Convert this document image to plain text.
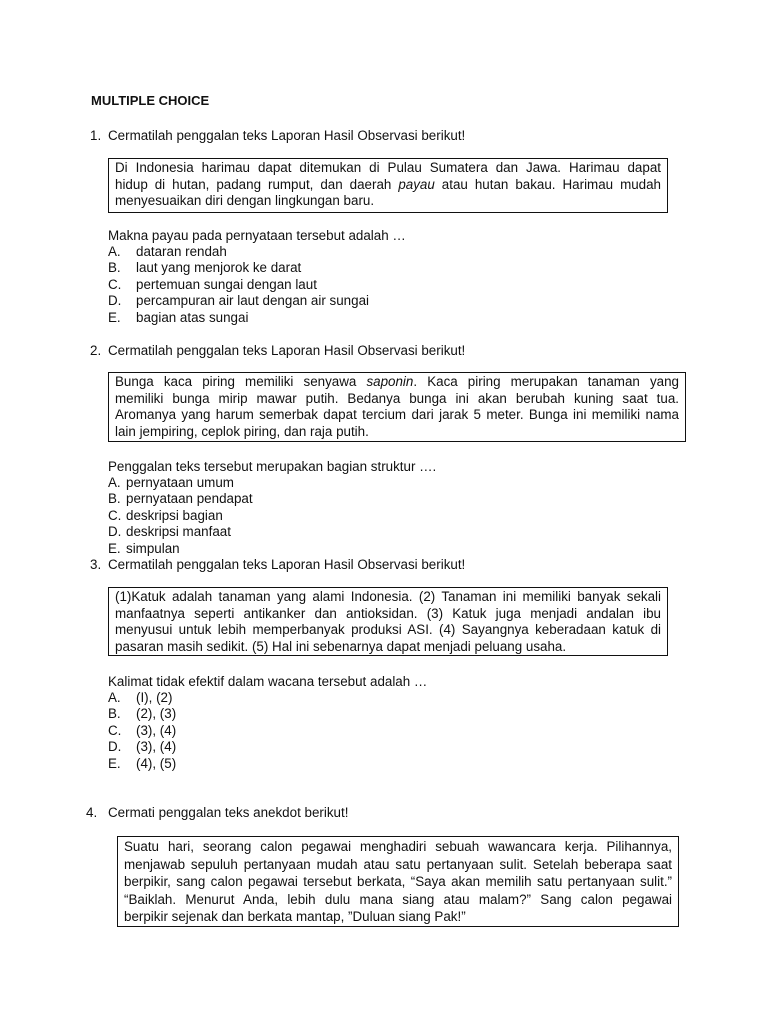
MULTIPLE CHOICE
1. Cermatilah penggalan teks Laporan Hasil Observasi berikut!
Di Indonesia harimau dapat ditemukan di Pulau Sumatera dan Jawa. Harimau dapat
hidup di hutan, padang rumput, dan daerah payau atau hutan bakau. Harimau mudah
menyesuaikan diri dengan lingkungan baru.
Makna payau pada pernyataan tersebut adalah …
A. dataran rendah
B. laut yang menjorok ke darat
C. pertemuan sungai dengan laut
D. percampuran air laut dengan air sungai
E. bagian atas sungai
2. Cermatilah penggalan teks Laporan Hasil Observasi berikut!
Bunga kaca piring memiliki senyawa saponin. Kaca piring merupakan tanaman yang
memiliki bunga mirip mawar putih. Bedanya bunga ini akan berubah kuning saat tua.
Aromanya yang harum semerbak dapat tercium dari jarak 5 meter. Bunga ini memiliki nama
lain jempiring, ceplok piring, dan raja putih.
Penggalan teks tersebut merupakan bagian struktur ….
A. pernyataan umum
B. pernyataan pendapat
C. deskripsi bagian
D. deskripsi manfaat
E. simpulan
3. Cermatilah penggalan teks Laporan Hasil Observasi berikut!
(1)Katuk adalah tanaman yang alami Indonesia. (2) Tanaman ini memiliki banyak sekali
manfaatnya seperti antikanker dan antioksidan. (3) Katuk juga menjadi andalan ibu
menyusui untuk lebih memperbanyak produksi ASI. (4) Sayangnya keberadaan katuk di
pasaran masih sedikit. (5) Hal ini sebenarnya dapat menjadi peluang usaha.
Kalimat tidak efektif dalam wacana tersebut adalah …
A. (I), (2)
B. (2), (3)
C. (3), (4)
D. (3), (4)
E. (4), (5)
4. Cermati penggalan teks anekdot berikut!
Suatu hari, seorang calon pegawai menghadiri sebuah wawancara kerja. Pilihannya,
menjawab sepuluh pertanyaan mudah atau satu pertanyaan sulit. Setelah beberapa saat
berpikir, sang calon pegawai tersebut berkata, “Saya akan memilih satu pertanyaan sulit.”
“Baiklah. Menurut Anda, lebih dulu mana siang atau malam?” Sang calon pegawai
berpikir sejenak dan berkata mantap, ”Duluan siang Pak!”
